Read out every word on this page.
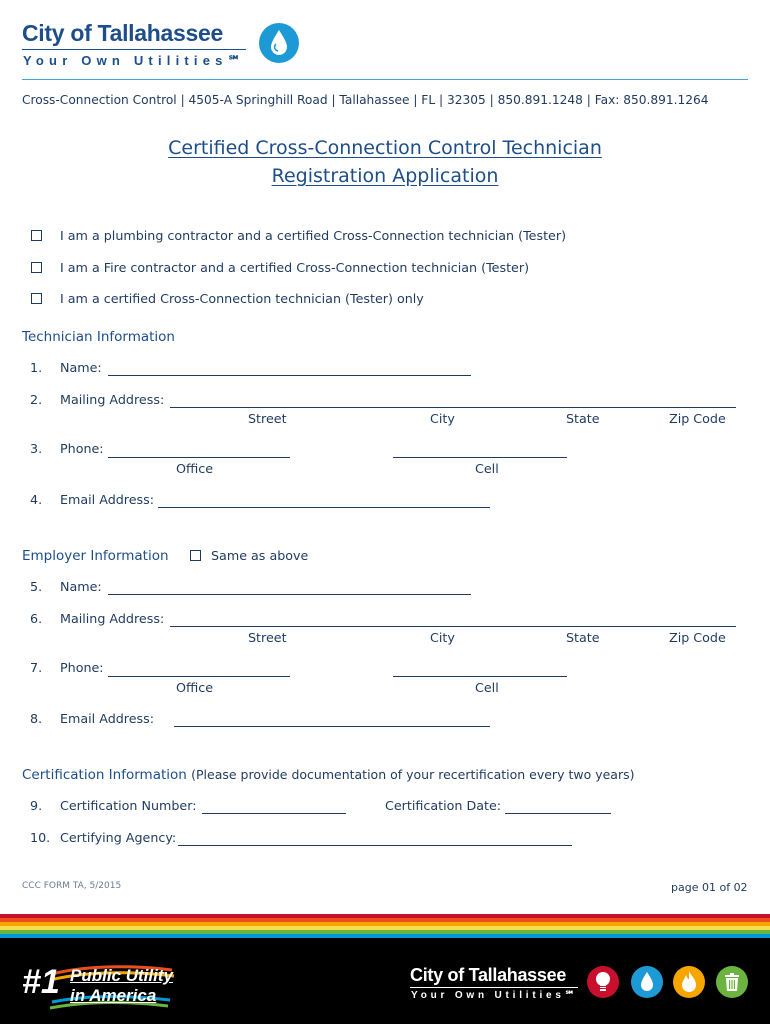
City of Tallahassee
Your Own Utilities℠
Cross-Connection Control | 4505-A Springhill Road | Tallahassee | FL | 32305 | 850.891.1248 | Fax: 850.891.1264
Certified Cross-Connection Control Technician
Registration Application
I am a plumbing contractor and a certified Cross-Connection technician (Tester)
I am a Fire contractor and a certified Cross-Connection technician (Tester)
I am a certified Cross-Connection technician (Tester) only
Technician Information
1. Name:
2. Mailing Address:
Street	City	State	Zip Code
3. Phone:
Office	Cell
4. Email Address:
Employer Information	Same as above
5. Name:
6. Mailing Address:
Street	City	State	Zip Code
7. Phone:
Office	Cell
8. Email Address:
Certification Information (Please provide documentation of your recertification every two years)
9. Certification Number:	Certification Date:
10. Certifying Agency:
CCC FORM TA, 5/2015	page 01 of 02
#1 Public Utility
in America
City of Tallahassee
Your Own Utilities℠
